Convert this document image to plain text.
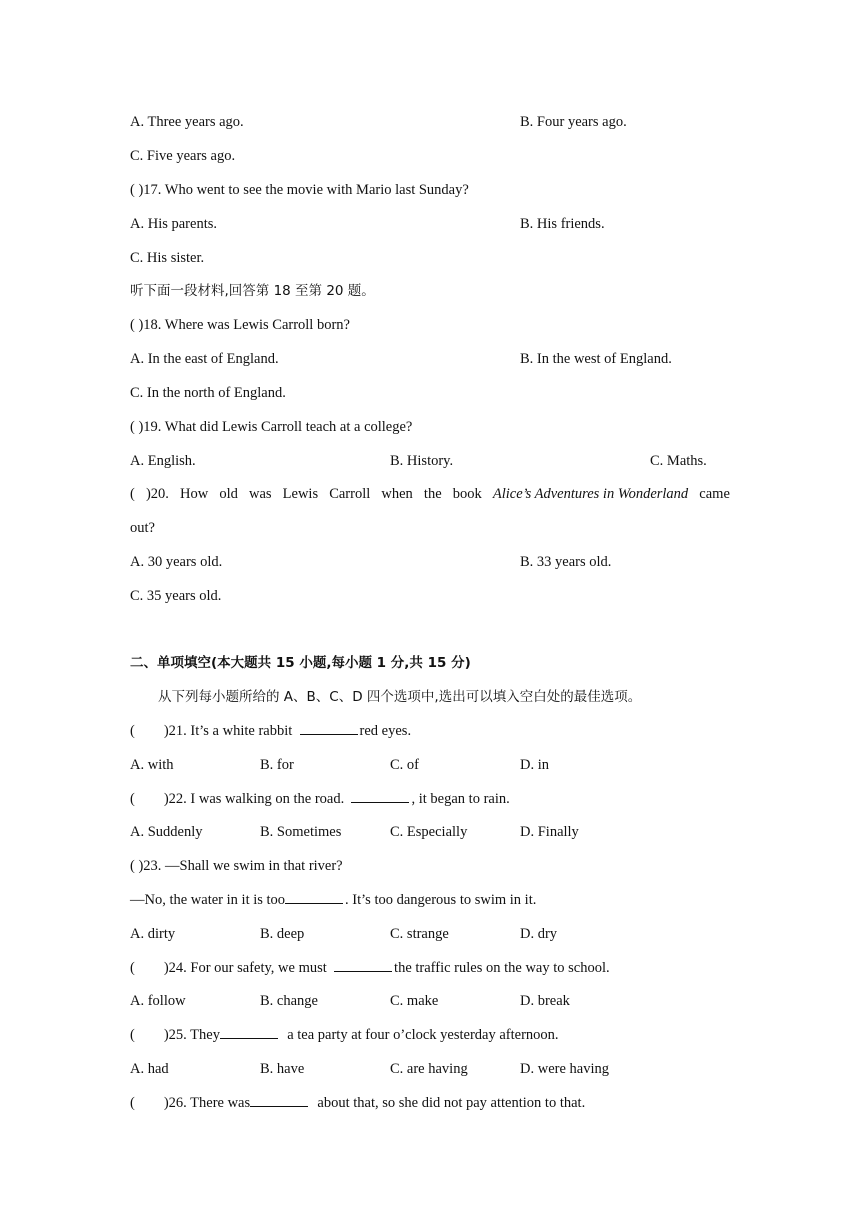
A. Three years ago.	B. Four years ago.
C. Five years ago.
( )17. Who went to see the movie with Mario last Sunday?
A. His parents.	B. His friends.
C. His sister.
听下面一段材料,回答第 18 至第 20 题。
( )18. Where was Lewis Carroll born?
A. In the east of England.	B. In the west of England.
C. In the north of England.
( )19. What did Lewis Carroll teach at a college?
A. English.	B. History.	C. Maths.
( )20. How old was Lewis Carroll when the book Alice’s Adventures in Wonderland came
out?
A. 30 years old.	B. 33 years old.
C. 35 years old.
二、单项填空(本大题共 15 小题,每小题 1 分,共 15 分)
从下列每小题所给的 A、B、C、D 四个选项中,选出可以填入空白处的最佳选项。
(        )21. It’s a white rabbit	red eyes.
A. with	B. for	C. of	D. in
(        )22. I was walking on the road.	, it began to rain.
A. Suddenly	B. Sometimes	C. Especially	D. Finally
( )23. —Shall we swim in that river?
—No, the water in it is too	. It’s too dangerous to swim in it.
A. dirty	B. deep	C. strange	D. dry
(        )24. For our safety, we must	the traffic rules on the way to school.
A. follow	B. change	C. make	D. break
(        )25. They	a tea party at four o’clock yesterday afternoon.
A. had	B. have	C. are having	D. were having
(        )26. There was	about that, so she did not pay attention to that.
